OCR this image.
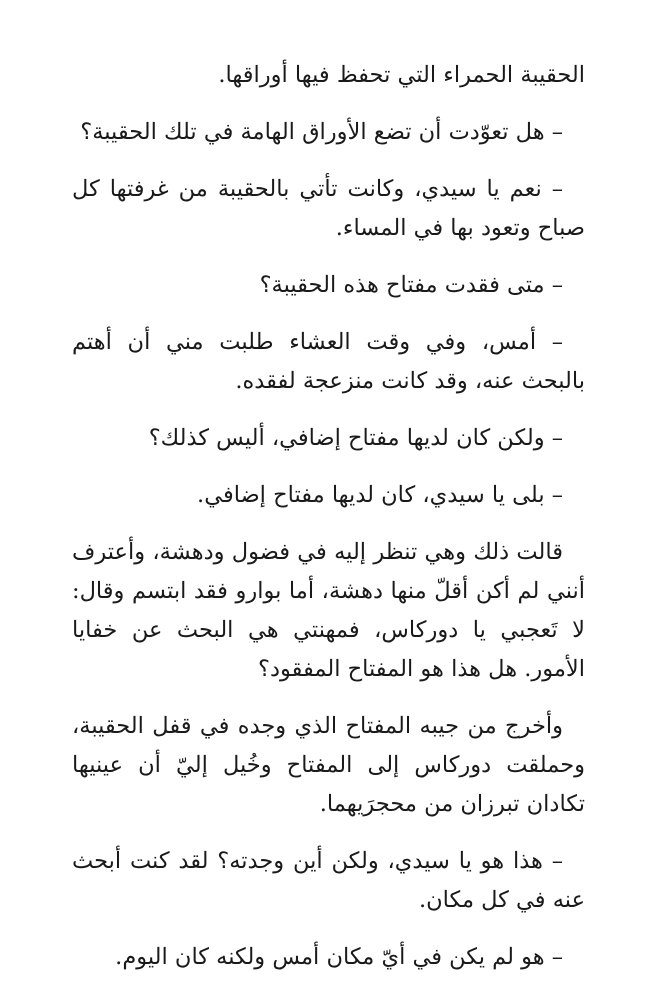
الحقيبة الحمراء التي تحفظ فيها أوراقها.

– هل تعوّدت أن تضع الأوراق الهامة في تلك الحقيبة؟

– نعم يا سيدي، وكانت تأتي بالحقيبة من غرفتها كل صباح وتعود بها في المساء.

– متى فقدت مفتاح هذه الحقيبة؟

– أمس، وفي وقت العشاء طلبت مني أن أهتم بالبحث عنه، وقد كانت منزعجة لفقده.

– ولكن كان لديها مفتاح إضافي، أليس كذلك؟

– بلى يا سيدي، كان لديها مفتاح إضافي.

قالت ذلك وهي تنظر إليه في فضول ودهشة، وأعترف أنني لم أكن أقلّ منها دهشة، أما بوارو فقد ابتسم وقال: لا تَعجبي يا دوركاس، فمهنتي هي البحث عن خفايا الأمور. هل هذا هو المفتاح المفقود؟

وأخرج من جيبه المفتاح الذي وجده في قفل الحقيبة، وحملقت دوركاس إلى المفتاح وخُيل إليّ أن عينيها تكادان تبرزان من محجرَيهما.

– هذا هو يا سيدي، ولكن أين وجدته؟ لقد كنت أبحث عنه في كل مكان.

– هو لم يكن في أيّ مكان أمس ولكنه كان اليوم.
